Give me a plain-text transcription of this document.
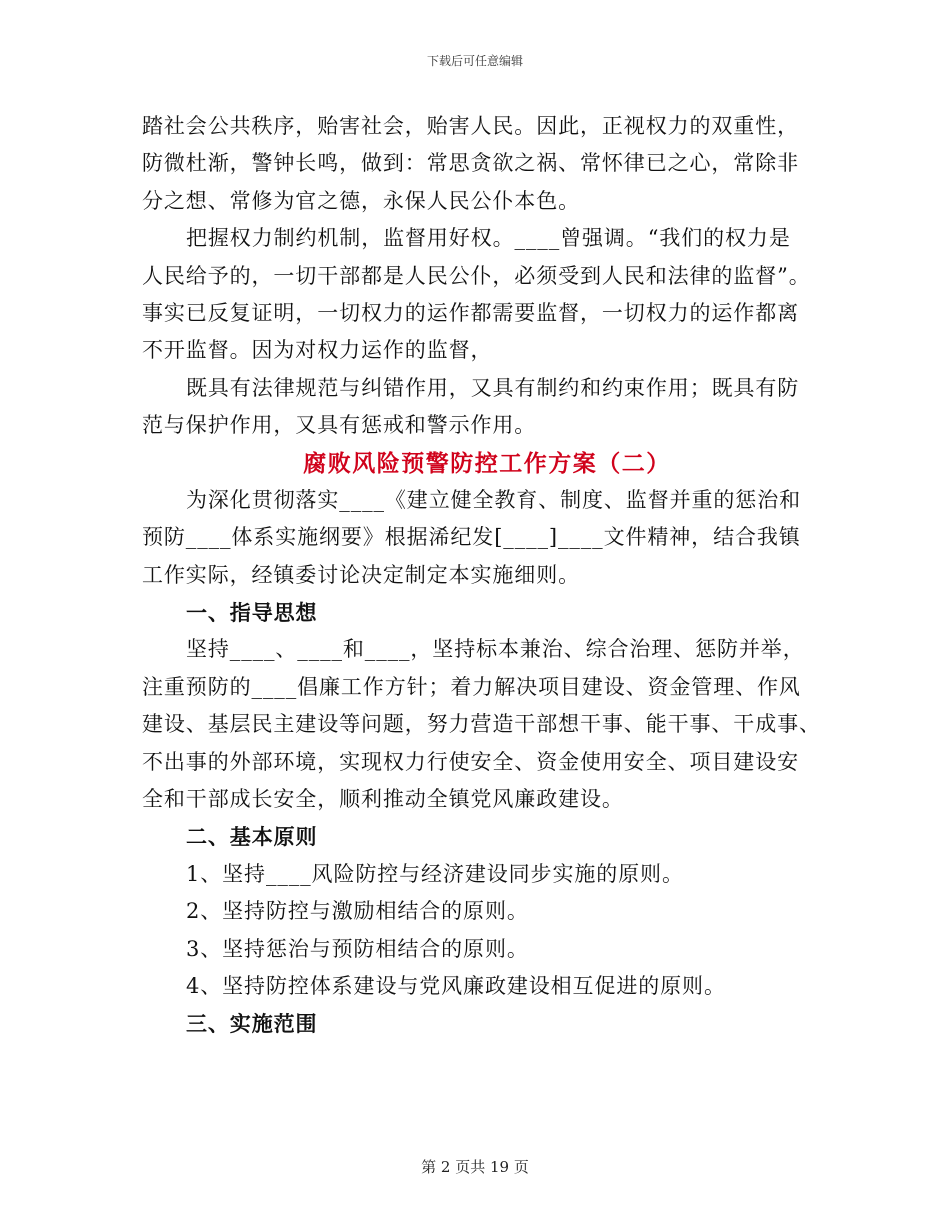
下载后可任意编辑
踏社会公共秩序，贻害社会，贻害人民。因此，正视权力的双重性，
防微杜渐，警钟长鸣，做到：常思贪欲之祸、常怀律已之心，常除非
分之想、常修为官之德，永保人民公仆本色。
把握权力制约机制，监督用好权。____曾强调。“我们的权力是
人民给予的，一切干部都是人民公仆，必须受到人民和法律的监督”。
事实已反复证明，一切权力的运作都需要监督，一切权力的运作都离
不开监督。因为对权力运作的监督，
既具有法律规范与纠错作用，又具有制约和约束作用；既具有防
范与保护作用，又具有惩戒和警示作用。
腐败风险预警防控工作方案（二）
为深化贯彻落实____《建立健全教育、制度、监督并重的惩治和
预防____体系实施纲要》根据浠纪发[____]____文件精神，结合我镇
工作实际，经镇委讨论决定制定本实施细则。
一、指导思想
坚持____、____和____，坚持标本兼治、综合治理、惩防并举，
注重预防的____倡廉工作方针；着力解决项目建设、资金管理、作风
建设、基层民主建设等问题，努力营造干部想干事、能干事、干成事、
不出事的外部环境，实现权力行使安全、资金使用安全、项目建设安
全和干部成长安全，顺利推动全镇党风廉政建设。
二、基本原则
1、坚持____风险防控与经济建设同步实施的原则。
2、坚持防控与激励相结合的原则。
3、坚持惩治与预防相结合的原则。
4、坚持防控体系建设与党风廉政建设相互促进的原则。
三、实施范围
第 2 页共 19 页
